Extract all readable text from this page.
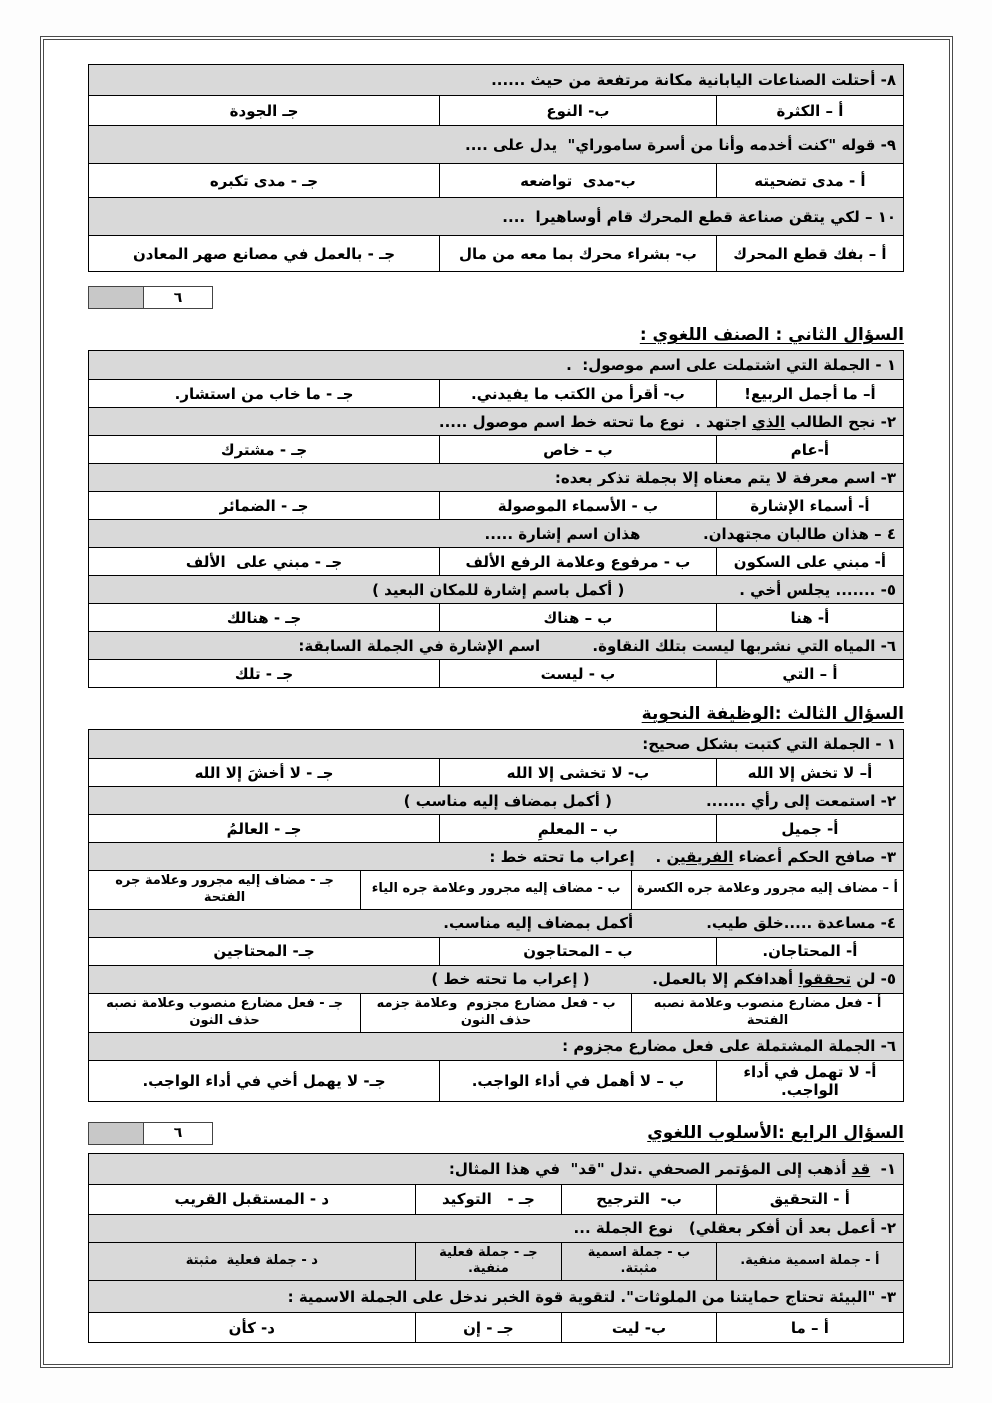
٨- أحتلت الصناعات اليابانية مكانة مرتفعة من حيث ......
أ – الكثرة
ب- النوع
جـ الجودة
٩- قوله "كنت أخدمه وأنا من أسرة ساموراي"  يدل على ....
أ - مدى تضحيته
ب-مدى  تواضعه
جـ - مدى تكبره
١٠ – لكي يتقن صناعة قطع المحرك قام أوساهيرا  ....
أ – بفك قطع المحرك
ب- بشراء محرك بما معه من مال
جـ - بالعمل في مصانع صهر المعادن
٦
السؤال الثاني : الصنف اللغوي :
١ - الجملة التي اشتملت على اسم موصول:  .
أ– ما أجمل الربيع!
ب- أقرأ من الكتب ما يفيدني.
جـ - ما خاب من استشار.
٢- نجح الطالب
الذي
اجتهد .  نوع ما تحته خط اسم موصول .....
أ-عام
ب – خاص
جـ - مشترك
٣- اسم معرفة لا يتم معناه إلا بجملة تذكر بعده:
أ- أسماء الإشارة
ب - الأسماء الموصولة
جـ - الضمائر
٤ – هذان طالبان مجتهدان.            هذان اسم إشارة .....
أ- مبني على السكون
ب - مرفوع وعلامة الرفع الألف
جـ - مبني على  الألف
٥- ....... يجلس أخي .                      ( أكمل باسم إشارة للمكان البعيد )
أ- هنا
ب – هناك
جـ - هنالك
٦- المياه التي نشربها ليست بتلك النقاوة.          اسم الإشارة في الجملة السابقة:
أ – التي
ب - ليست
جـ - تلك
السؤال الثالث :الوظيفة النحوية
١ - الجملة التي كتبت بشكل صحيح:
أ– لا تخش إلا الله
ب- لا تخشى إلا الله
جـ - لا أخشَ إلا الله
٢- استمعت إلى رأي .......                  ( أكمل بمضاف إليه مناسب )
أ- جميل
ب – المعلمِ
جـ - العالمُ
٣- صافح الحكم أعضاء
الفريقين
.    إعراب ما تحته خط :
أ – مضاف إليه مجرور وعلامة جره الكسرة
ب - مضاف إليه مجرور وعلامة جره الياء
جـ - مضاف إليه مجرور وعلامة جره الفتحة
٤- مساعدة .....خلق طيب.              أكمل بمضاف إليه مناسب.
أ- المحتاجان.
ب – المحتاجون
جـ- المحتاجين
٥- لن
تحققوا
أهدافكم إلا بالعمل.            ( إعراب ما تحته خط )
أ - فعل مضارع منصوب وعلامة نصبه الفتحة
ب - فعل مضارع مجزوم  وعلامة جزمه حذف النون
جـ - فعل مضارع منصوب وعلامة نصبه حذف النون
٦- الجملة المشتملة على فعل مضارع مجزوم :
أ- لا تهمل في أداء الواجب.
ب – لا أهمل في أداء الواجب.
جـ- لا يهمل أخي في أداء الواجب.
السؤال الرابع :الأسلوب اللغوي
٦
١-
قد
أذهب إلى المؤتمر الصحفي .تدل "قد"  في هذا المثال:
أ - التحقيق
ب-  الترجيح
جـ -   التوكيد
د - المستقبل القريب
٢- أعمل بعد أن أفكر بعقلي)   نوع الجملة ...
أ - جملة اسمية منفية.
ب - جملة اسمية مثبتة.
جـ - جملة فعلية منفية.
د - جملة فعلية  مثبتة
٣- "البيئة تحتاج حمايتنا من الملوثات". لتقوية قوة الخبر ندخل على الجملة الاسمية :
أ – ما
ب- ليت
جـ - إن
د- كأن
